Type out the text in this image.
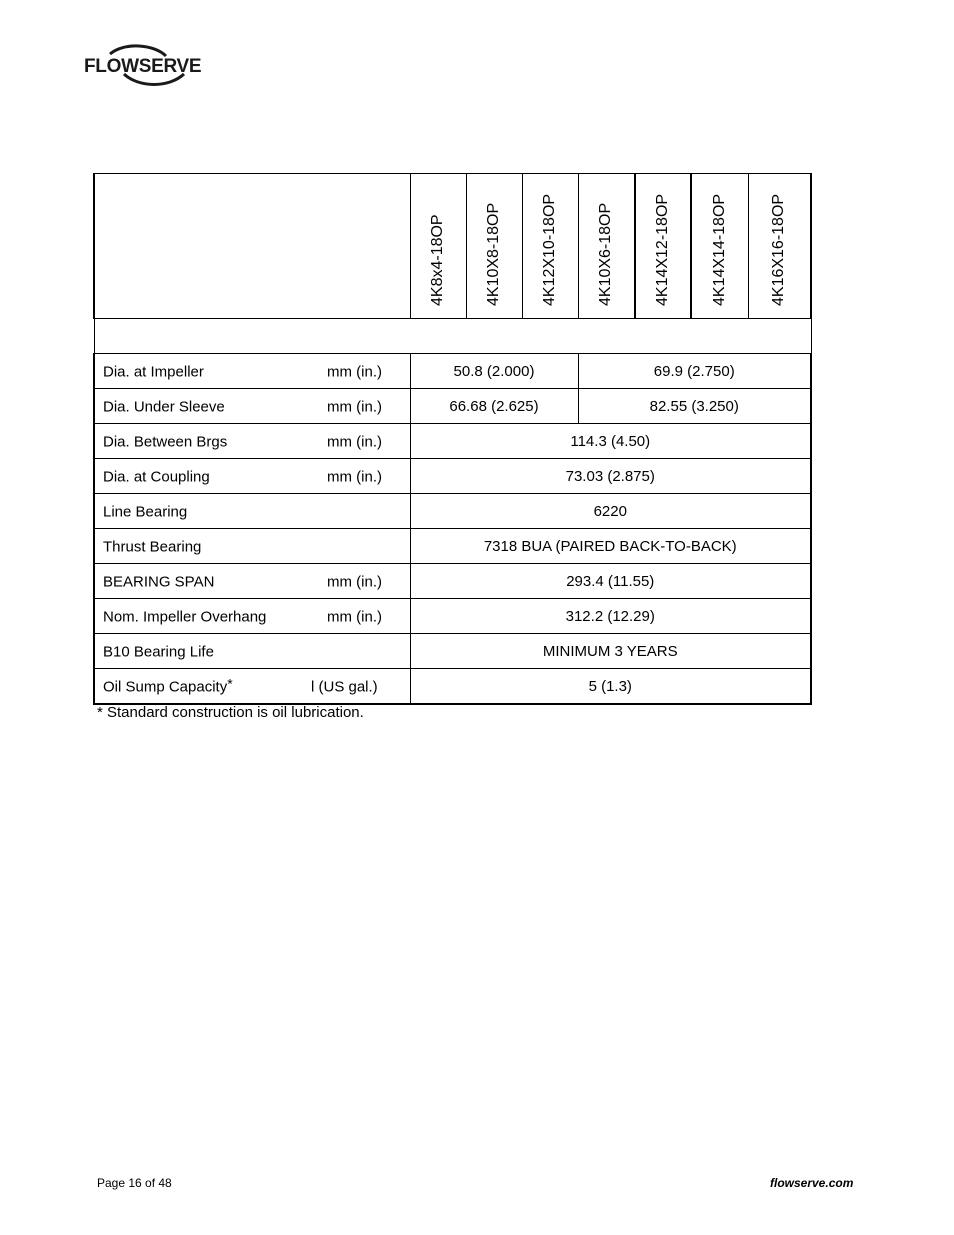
FLOWSERVE

	4K8x4-18OP	4K10X8-18OP	4K12X10-18OP	4K10X6-18OP	4K14X12-18OP	4K14X14-18OP	4K16X16-18OP

Dia. at Impeller mm (in.)	50.8 (2.000)			69.9 (2.750)			

Dia. Under Sleeve mm (in.)	66.68 (2.625)			82.55 (3.250)			

Dia. Between Brgs mm (in.)	114.3 (4.50)						

Dia. at Coupling mm (in.)	73.03 (2.875)						

Line Bearing	6220						

Thrust Bearing	7318 BUA (PAIRED BACK-TO-BACK)						

BEARING SPAN mm (in.)	293.4 (11.55)						

Nom. Impeller Overhang mm (in.)	312.2 (12.29)						

B10 Bearing Life	MINIMUM 3 YEARS						

Oil Sump Capacity* l (US gal.)	5 (1.3)						
* Standard construction is oil lubrication.
Page 16 of 48	flowserve.com
